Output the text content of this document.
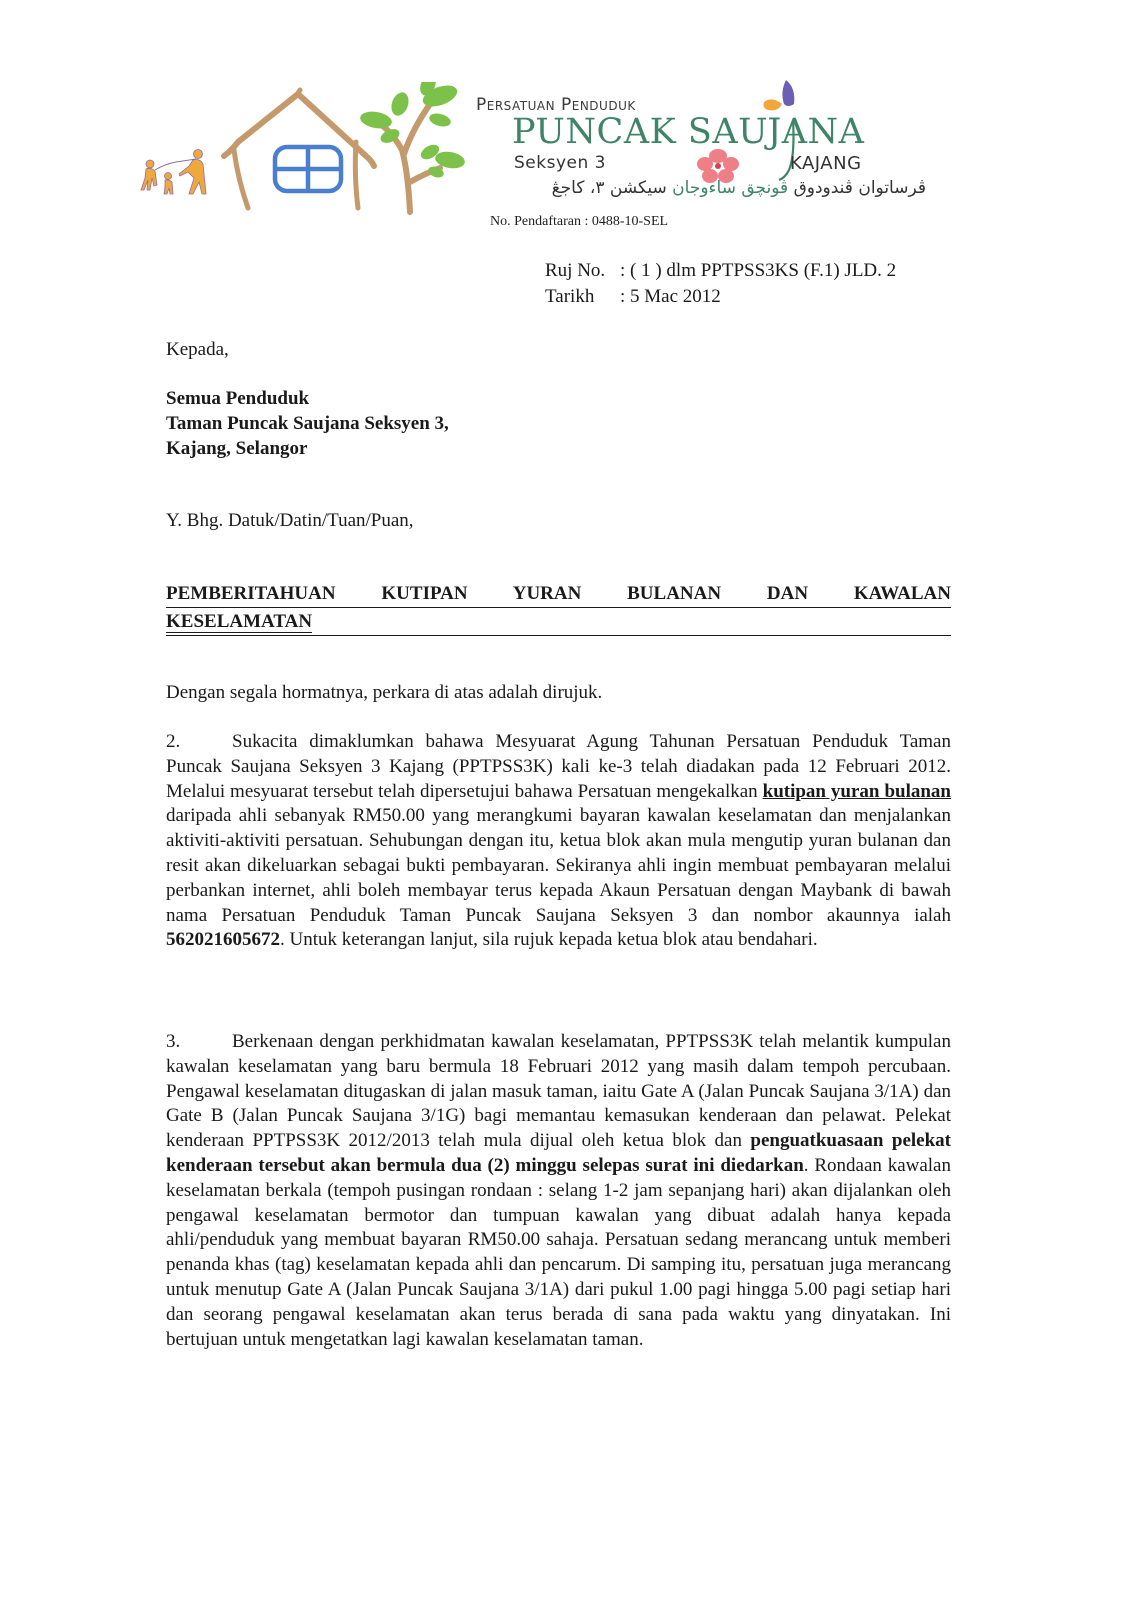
Persatuan Penduduk
PUNCAK SAUJANA
Seksyen 3	KAJANG
ڤرساتوان ڤندودوق ڤونچق ساءوجان سيکشن ٣، کاجڠ
No. Pendaftaran : 0488-10-SEL
Ruj No. : ( 1 ) dlm PPTPSS3KS (F.1) JLD. 2
Tarikh	: 5 Mac 2012
Kepada,
Semua Penduduk
Taman Puncak Saujana Seksyen 3,
Kajang, Selangor
Y. Bhg. Datuk/Datin/Tuan/Puan,
PEMBERITAHUAN   KUTIPAN   YURAN   BULANAN   DAN   KAWALAN
KESELAMATAN
Dengan segala hormatnya, perkara di atas adalah dirujuk.
2.	Sukacita dimaklumkan bahawa Mesyuarat Agung Tahunan Persatuan Penduduk Taman Puncak Saujana Seksyen 3 Kajang (PPTPSS3K) kali ke-3 telah diadakan pada 12 Februari 2012. Melalui mesyuarat tersebut telah dipersetujui bahawa Persatuan mengekalkan kutipan yuran bulanan daripada ahli sebanyak RM50.00 yang merangkumi bayaran kawalan keselamatan dan menjalankan aktiviti-aktiviti persatuan. Sehubungan dengan itu, ketua blok akan mula mengutip yuran bulanan dan resit akan dikeluarkan sebagai bukti pembayaran. Sekiranya ahli ingin membuat pembayaran melalui perbankan internet, ahli boleh membayar terus kepada Akaun Persatuan dengan Maybank di bawah nama Persatuan Penduduk Taman Puncak Saujana Seksyen 3 dan nombor akaunnya ialah 562021605672. Untuk keterangan lanjut, sila rujuk kepada ketua blok atau bendahari.
3.	Berkenaan dengan perkhidmatan kawalan keselamatan, PPTPSS3K telah melantik kumpulan kawalan keselamatan yang baru bermula 18 Februari 2012 yang masih dalam tempoh percubaan. Pengawal keselamatan ditugaskan di jalan masuk taman, iaitu Gate A (Jalan Puncak Saujana 3/1A) dan Gate B (Jalan Puncak Saujana 3/1G) bagi memantau kemasukan kenderaan dan pelawat. Pelekat kenderaan PPTPSS3K 2012/2013 telah mula dijual oleh ketua blok dan penguatkuasaan pelekat kenderaan tersebut akan bermula dua (2) minggu selepas surat ini diedarkan. Rondaan kawalan keselamatan berkala (tempoh pusingan rondaan : selang 1-2 jam sepanjang hari) akan dijalankan oleh pengawal keselamatan bermotor dan tumpuan kawalan yang dibuat adalah hanya kepada ahli/penduduk yang membuat bayaran RM50.00 sahaja. Persatuan sedang merancang untuk memberi penanda khas (tag) keselamatan kepada ahli dan pencarum. Di samping itu, persatuan juga merancang untuk menutup Gate A (Jalan Puncak Saujana 3/1A) dari pukul 1.00 pagi hingga 5.00 pagi setiap hari dan seorang pengawal keselamatan akan terus berada di sana pada waktu yang dinyatakan. Ini bertujuan untuk mengetatkan lagi kawalan keselamatan taman.
